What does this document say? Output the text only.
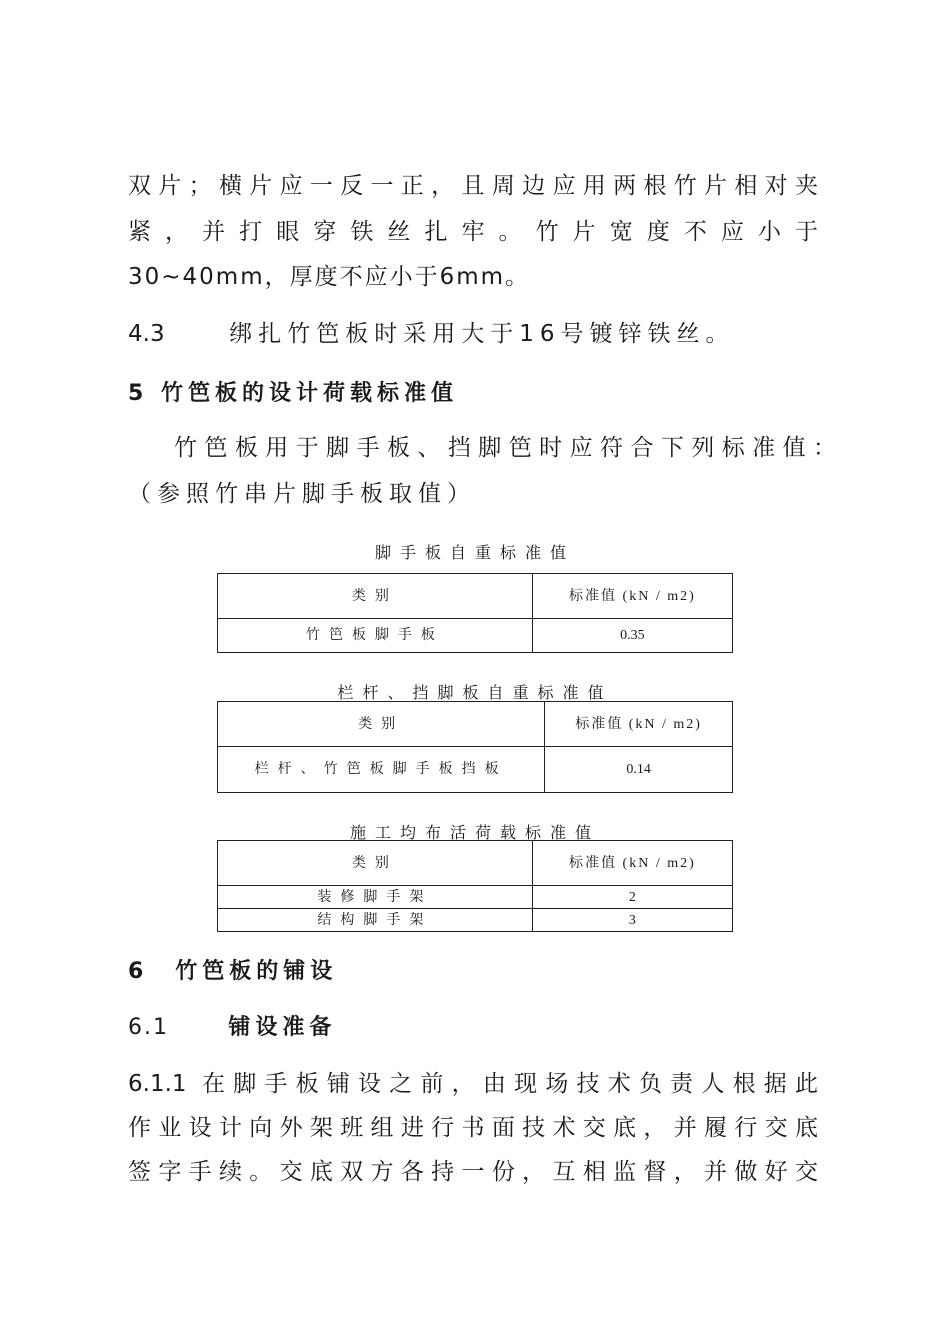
双片；横片应一反一正，且周边应用两根竹片相对夹
紧，并打眼穿铁丝扎牢。竹片宽度不应小于
30~40mm，厚度不应小于6mm。
4.3	绑扎竹笆板时采用大于16号镀锌铁丝。
5 竹笆板的设计荷载标准值
竹笆板用于脚手板、挡脚笆时应符合下列标准值：
（参照竹串片脚手板取值）
脚手板自重标准值
类别	标准值 (kN / m2)
竹笆板脚手板	0.35
栏杆、挡脚板自重标准值
类别	标准值 (kN / m2)
栏杆、竹笆板脚手板挡板	0.14
施工均布活荷载标准值
类别	标准值 (kN / m2)
装修脚手架	2
结构脚手架	3
6　竹笆板的铺设
6.1	铺设准备
6.1.1 在脚手板铺设之前，由现场技术负责人根据此
作业设计向外架班组进行书面技术交底，并履行交底
签字手续。交底双方各持一份，互相监督，并做好交
